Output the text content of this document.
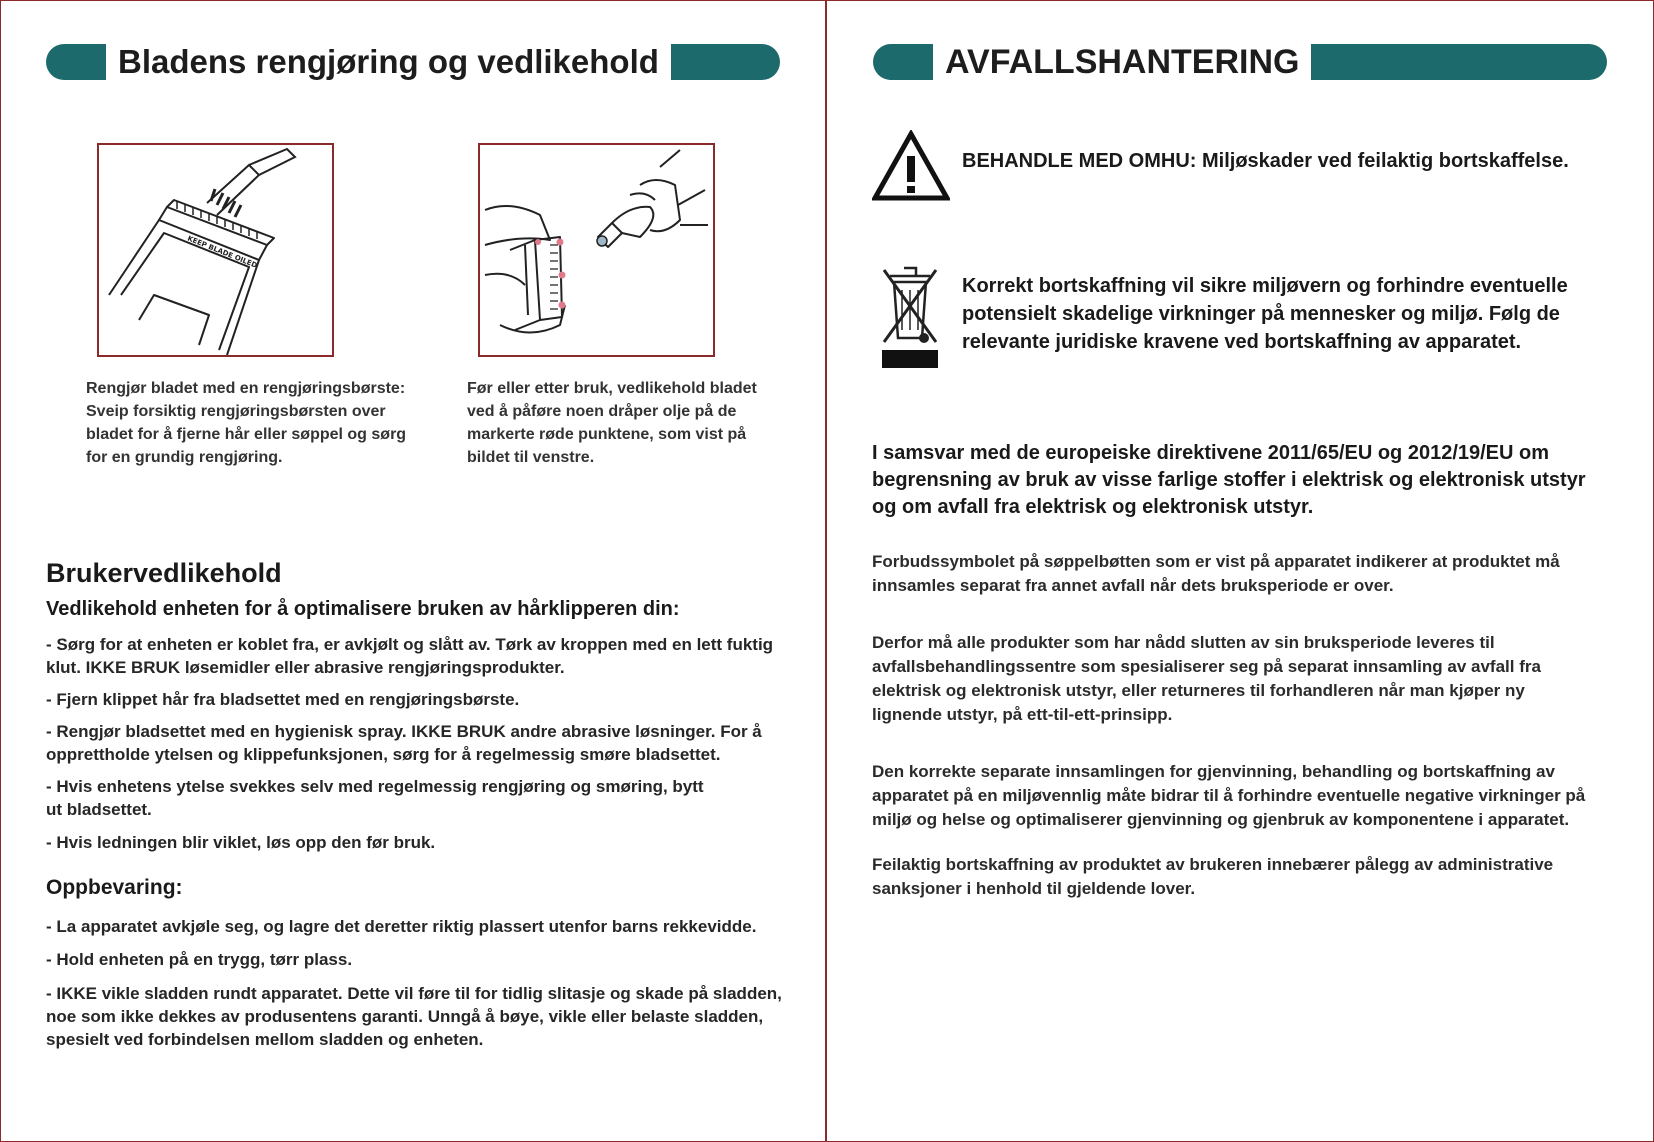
Bladens rengjøring og vedlikehold
KEEP BLADE OILED
Rengjør bladet med en rengjøringsbørste: Sveip forsiktig rengjøringsbørsten over bladet for å fjerne hår eller søppel og sørg for en grundig rengjøring.
Før eller etter bruk, vedlikehold bladet ved å påføre noen dråper olje på de markerte røde punktene, som vist på bildet til venstre.
Brukervedlikehold
Vedlikehold enheten for å optimalisere bruken av hårklipperen din:
- Sørg for at enheten er koblet fra, er avkjølt og slått av. Tørk av kroppen med en lett fuktig klut. IKKE BRUK løsemidler eller abrasive rengjøringsprodukter.
- Fjern klippet hår fra bladsettet med en rengjøringsbørste.
- Rengjør bladsettet med en hygienisk spray. IKKE BRUK andre abrasive løsninger. For å opprettholde ytelsen og klippefunksjonen, sørg for å regelmessig smøre bladsettet.
- Hvis enhetens ytelse svekkes selv med regelmessig rengjøring og smøring, bytt ut bladsettet.
- Hvis ledningen blir viklet, løs opp den før bruk.
Oppbevaring:
- La apparatet avkjøle seg, og lagre det deretter riktig plassert utenfor barns rekkevidde.
- Hold enheten på en trygg, tørr plass.
- IKKE vikle sladden rundt apparatet. Dette vil føre til for tidlig slitasje og skade på sladden, noe som ikke dekkes av produsentens garanti. Unngå å bøye, vikle eller belaste sladden, spesielt ved forbindelsen mellom sladden og enheten.
AVFALLSHANTERING
BEHANDLE MED OMHU: Miljøskader ved feilaktig bortskaffelse.
Korrekt bortskaffning vil sikre miljøvern og forhindre eventuelle potensielt skadelige virkninger på mennesker og miljø. Følg de relevante juridiske kravene ved bortskaffning av apparatet.
I samsvar med de europeiske direktivene 2011/65/EU og 2012/19/EU om begrensning av bruk av visse farlige stoffer i elektrisk og elektronisk utstyr og om avfall fra elektrisk og elektronisk utstyr.
Forbudssymbolet på søppelbøtten som er vist på apparatet indikerer at produktet må innsamles separat fra annet avfall når dets bruksperiode er over.
Derfor må alle produkter som har nådd slutten av sin bruksperiode leveres til avfallsbehandlingssentre som spesialiserer seg på separat innsamling av avfall fra elektrisk og elektronisk utstyr, eller returneres til forhandleren når man kjøper ny lignende utstyr, på ett-til-ett-prinsipp.
Den korrekte separate innsamlingen for gjenvinning, behandling og bortskaffning av apparatet på en miljøvennlig måte bidrar til å forhindre eventuelle negative virkninger på miljø og helse og optimaliserer gjenvinning og gjenbruk av komponentene i apparatet.
Feilaktig bortskaffning av produktet av brukeren innebærer pålegg av administrative sanksjoner i henhold til gjeldende lover.
